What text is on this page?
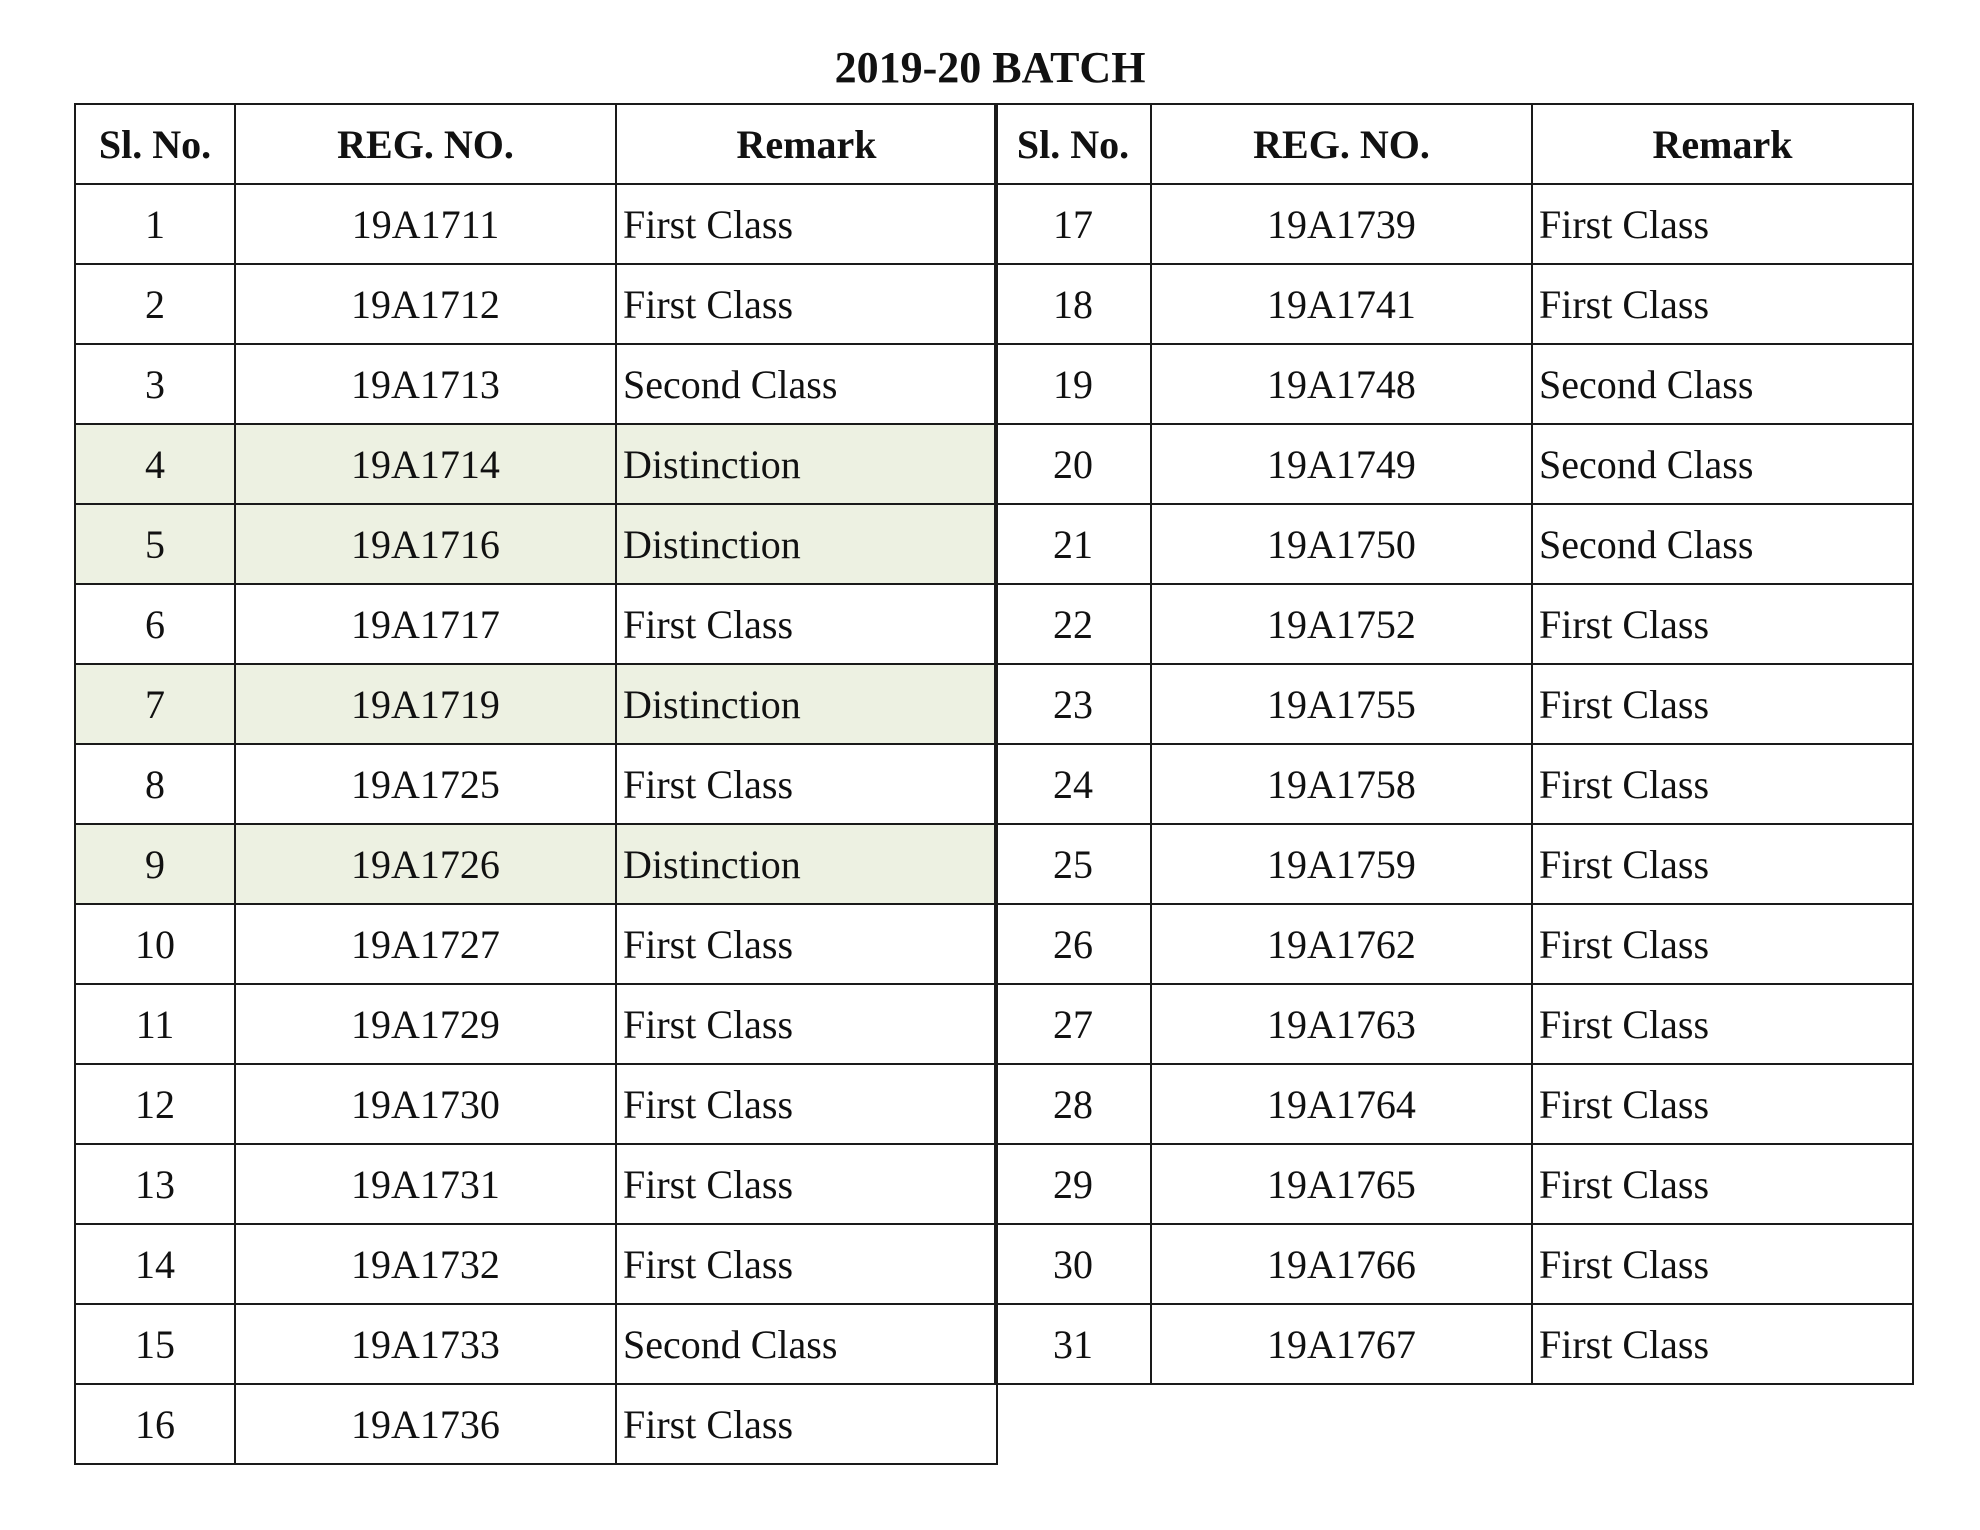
2019-20 BATCH
Sl. No.	REG. NO.	Remark
1	19A1711	First Class
2	19A1712	First Class
3	19A1713	Second Class
4	19A1714	Distinction
5	19A1716	Distinction
6	19A1717	First Class
7	19A1719	Distinction
8	19A1725	First Class
9	19A1726	Distinction
10	19A1727	First Class
11	19A1729	First Class
12	19A1730	First Class
13	19A1731	First Class
14	19A1732	First Class
15	19A1733	Second Class
16	19A1736	First Class
Sl. No.	REG. NO.	Remark
17	19A1739	First Class
18	19A1741	First Class
19	19A1748	Second Class
20	19A1749	Second Class
21	19A1750	Second Class
22	19A1752	First Class
23	19A1755	First Class
24	19A1758	First Class
25	19A1759	First Class
26	19A1762	First Class
27	19A1763	First Class
28	19A1764	First Class
29	19A1765	First Class
30	19A1766	First Class
31	19A1767	First Class
